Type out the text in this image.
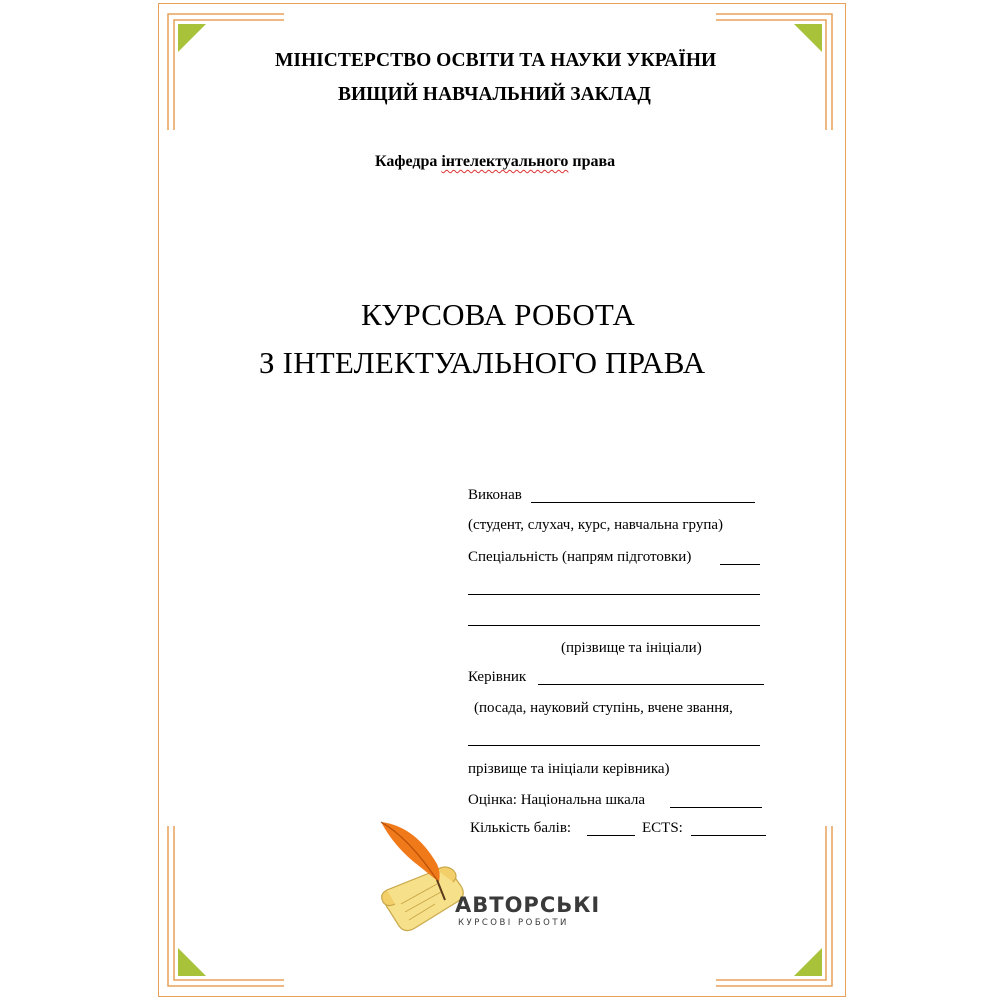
МІНІСТЕРСТВО ОСВІТИ ТА НАУКИ УКРАЇНИ
ВИЩИЙ НАВЧАЛЬНИЙ ЗАКЛАД
Кафедра інтелектуального права
КУРСОВА РОБОТА
З ІНТЕЛЕКТУАЛЬНОГО ПРАВА
Виконав
(студент, слухач, курс, навчальна група)
Спеціальність (напрям підготовки)
(прізвище та ініціали)
Керівник
(посада, науковий ступінь, вчене звання,
прізвище та ініціали керівника)
Оцінка: Національна шкала
Кількість балів:	ECTS:
АВТОРСЬКІ
КУРСОВІ РОБОТИ
